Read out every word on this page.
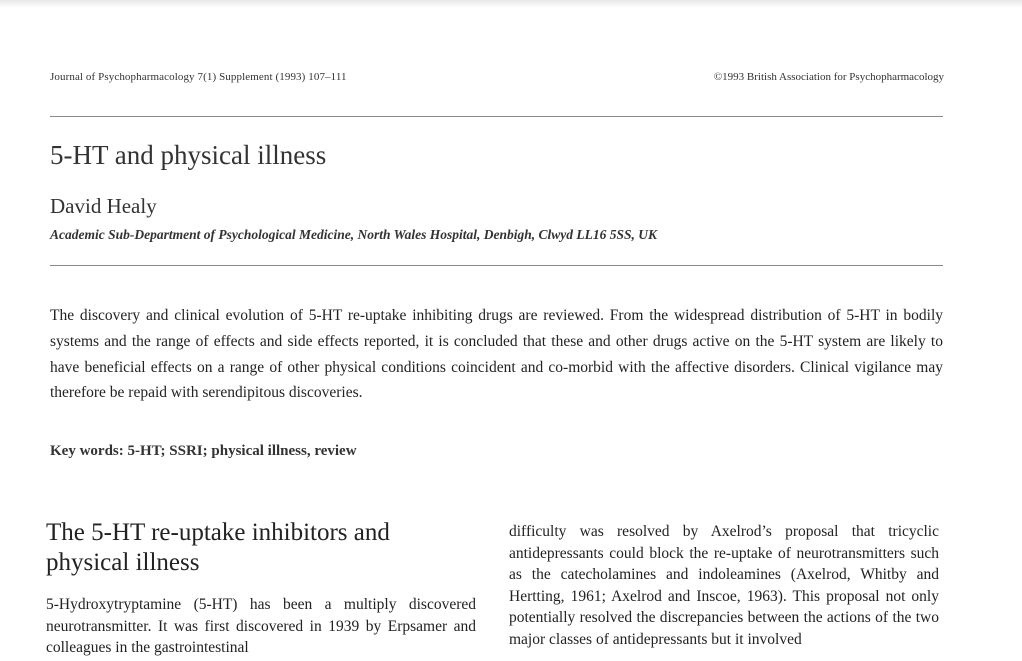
Journal of Psychopharmacology 7(1) Supplement (1993) 107–111	©1993 British Association for Psychopharmacology
5-HT and physical illness
David Healy
Academic Sub-Department of Psychological Medicine, North Wales Hospital, Denbigh, Clwyd LL16 5SS, UK

The discovery and clinical evolution of 5-HT re-uptake inhibiting drugs are reviewed. From the widespread distribution of 5-HT in bodily systems and the range of effects and side effects reported, it is concluded that these and other drugs active on the 5-HT system are likely to have beneficial effects on a range of other physical conditions coincident and co-morbid with the affective disorders. Clinical vigilance may therefore be repaid with serendipitous discoveries.

Key words: 5-HT; SSRI; physical illness, review
The 5-HT re-uptake inhibitors and physical illness

5-Hydroxytryptamine (5-HT) has been a multiply discovered neurotransmitter. It was first discovered in 1939 by Erpsamer and colleagues in the gastrointestinal

difficulty was resolved by Axelrod’s proposal that tricyclic antidepressants could block the re-uptake of neurotransmitters such as the catecholamines and indoleamines (Axelrod, Whitby and Hertting, 1961; Axelrod and Inscoe, 1963). This proposal not only potentially resolved the discrepancies between the actions of the two major classes of antidepressants but it involved
